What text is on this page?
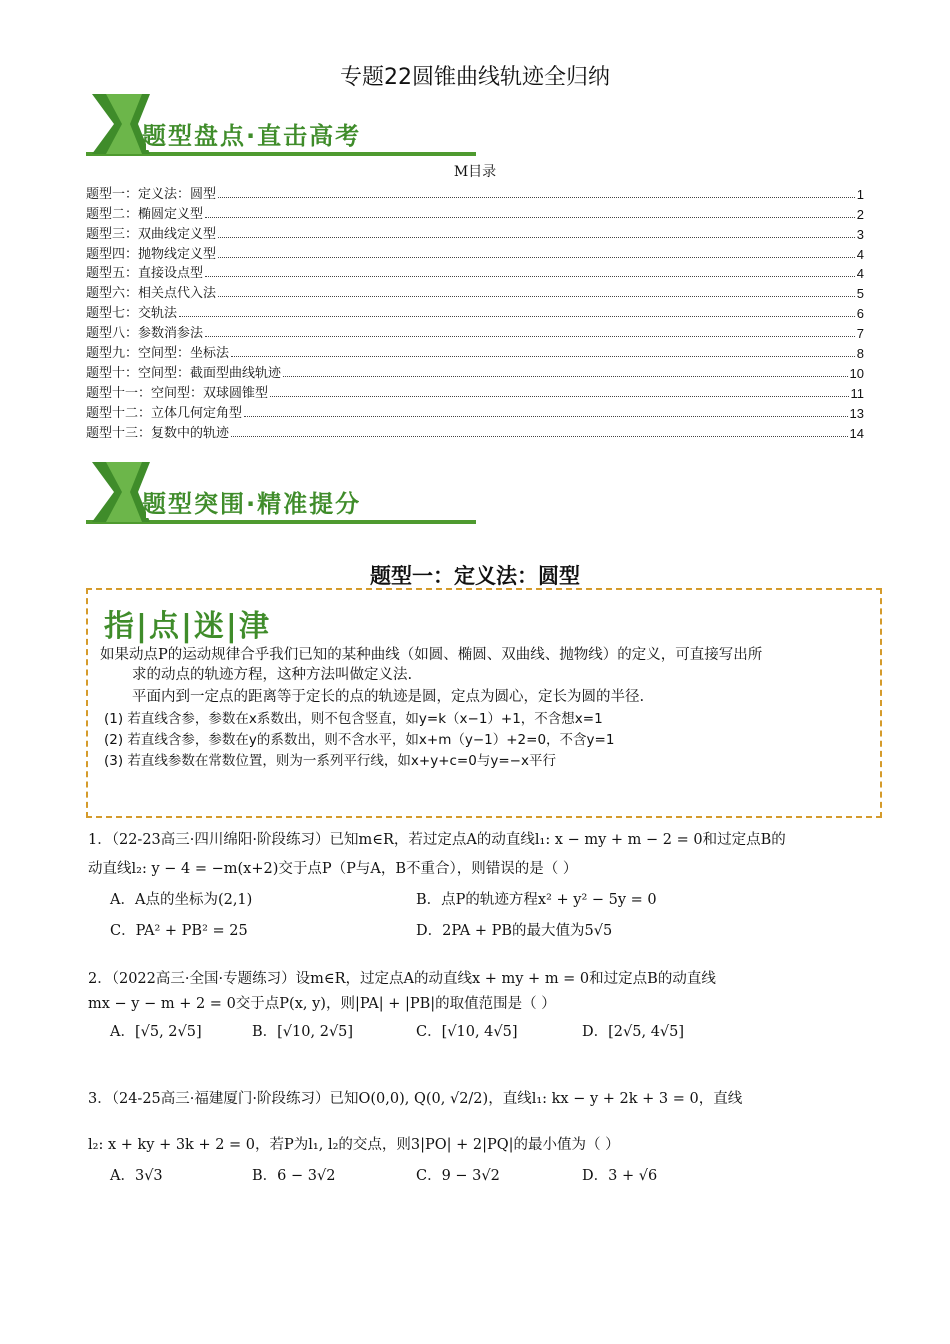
专题22圆锥曲线轨迹全归纳
题型盘点·直击高考
M目录
题型一：定义法：圆型	1
题型二：椭圆定义型	2
题型三：双曲线定义型	3
题型四：抛物线定义型	4
题型五：直接设点型	4
题型六：相关点代入法	5
题型七：交轨法	6
题型八：参数消参法	7
题型九：空间型：坐标法	8
题型十：空间型：截面型曲线轨迹	10
题型十一：空间型：双球圆锥型	11
题型十二：立体几何定角型	13
题型十三：复数中的轨迹	14
题型突围·精准提分
题型一：定义法：圆型
指|点|迷|津
如果动点P的运动规律合乎我们已知的某种曲线（如圆、椭圆、双曲线、抛物线）的定义，可直接写出所
求的动点的轨迹方程，这种方法叫做定义法.
平面内到一定点的距离等于定长的点的轨迹是圆，定点为圆心，定长为圆的半径.
(1) 若直线含参，参数在x系数出，则不包含竖直，如y=k（x−1）+1，不含想x=1
(2) 若直线含参，参数在y的系数出，则不含水平，如x+m（y−1）+2=0，不含y=1
(3) 若直线参数在常数位置，则为一系列平行线，如x+y+c=0与y=−x平行
1．（22-23高三·四川绵阳·阶段练习）已知m∈R，若过定点A的动直线l₁: x − my + m − 2 = 0和过定点B的
动直线l₂: y − 4 = −m(x+2)交于点P（P与A，B不重合），则错误的是（ ）
A．A点的坐标为(2,1)	B．点P的轨迹方程x² + y² − 5y = 0
C．PA² + PB² = 25	D．2PA + PB的最大值为5√5
2．（2022高三·全国·专题练习）设m∈R，过定点A的动直线x + my + m = 0和过定点B的动直线
mx − y − m + 2 = 0交于点P(x, y)，则|PA| + |PB|的取值范围是（ ）
A．[√5, 2√5]	B．[√10, 2√5]	C．[√10, 4√5]	D．[2√5, 4√5]
3．（24-25高三·福建厦门·阶段练习）已知O(0,0), Q(0, √2/2)，直线l₁: kx − y + 2k + 3 = 0，直线
l₂: x + ky + 3k + 2 = 0，若P为l₁, l₂的交点，则3|PO| + 2|PQ|的最小值为（ ）
A．3√3	B．6 − 3√2	C．9 − 3√2	D．3 + √6
